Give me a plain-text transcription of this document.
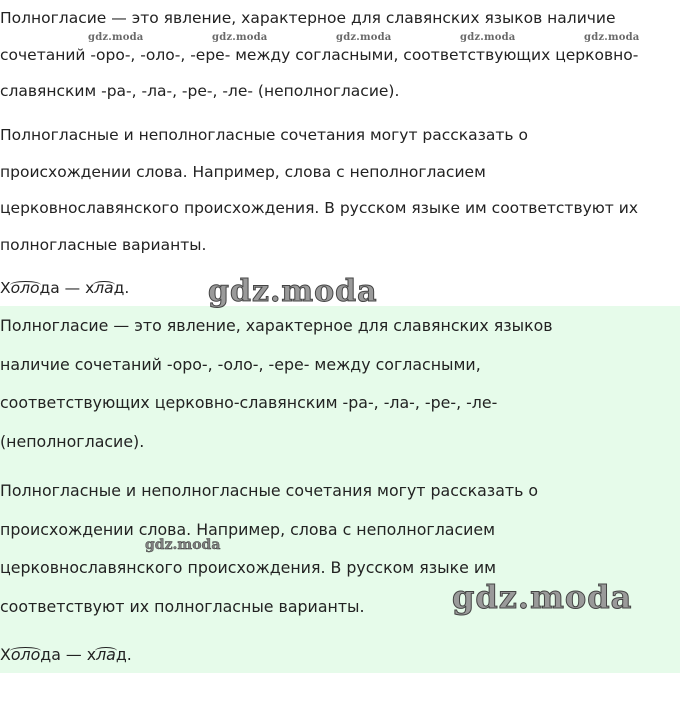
Полногласие — это явление, характерное для славянских языков наличие
сочетаний -оро-, -оло-, -ере- между согласными, соответствующих церковно-
славянским -ра-, -ла-, -ре-, -ле- (неполногласие).
Полногласные и неполногласные сочетания могут рассказать о
происхождении слова. Например, слова с неполногласием
церковнославянского происхождения. В русском языке им соответствуют их
полногласные варианты.
Холода — хлад.
Полногласие — это явление, характерное для славянских языков
наличие сочетаний -оро-, -оло-, -ере- между согласными,
соответствующих церковно-славянским -ра-, -ла-, -ре-, -ле-
(неполногласие).
Полногласные и неполногласные сочетания могут рассказать о
происхождении слова. Например, слова с неполногласием
церковнославянского происхождения. В русском языке им
соответствуют их полногласные варианты.
Холода — хлад.
gdz.moda	gdz.moda	gdz.moda	gdz.moda	gdz.moda
gdz.moda
gdz.moda
gdz.moda
